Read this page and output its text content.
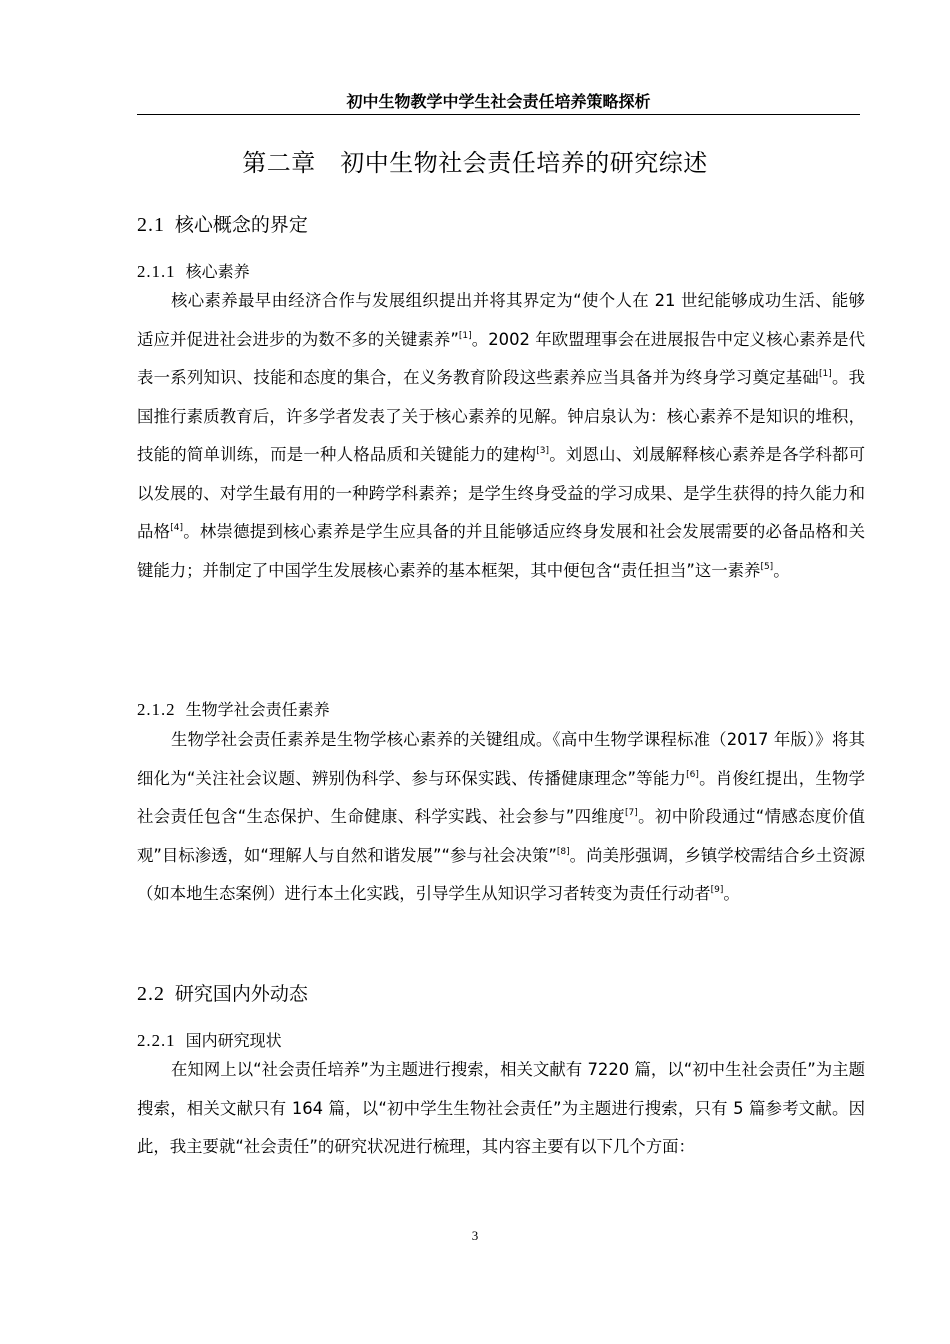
初中生物教学中学生社会责任培养策略探析
第二章　初中生物社会责任培养的研究综述
2.1 核心概念的界定
2.1.1 核心素养

核心素养最早由经济合作与发展组织提出并将其界定为“使个人在 21 世纪能够成功生活、能够适应并促进社会进步的为数不多的关键素养”[1]。2002 年欧盟理事会在进展报告中定义核心素养是代表一系列知识、技能和态度的集合，在义务教育阶段这些素养应当具备并为终身学习奠定基础[1]。我国推行素质教育后，许多学者发表了关于核心素养的见解。钟启泉认为：核心素养不是知识的堆积，技能的简单训练，而是一种人格品质和关键能力的建构[3]。刘恩山、刘晟解释核心素养是各学科都可以发展的、对学生最有用的一种跨学科素养；是学生终身受益的学习成果、是学生获得的持久能力和品格[4]。林崇德提到核心素养是学生应具备的并且能够适应终身发展和社会发展需要的必备品格和关键能力；并制定了中国学生发展核心素养的基本框架，其中便包含“责任担当”这一素养[5]。

2.1.2 生物学社会责任素养

生物学社会责任素养是生物学核心素养的关键组成。《高中生物学课程标准（2017 年版）》将其细化为“关注社会议题、辨别伪科学、参与环保实践、传播健康理念”等能力[6]。肖俊红提出，生物学社会责任包含“生态保护、生命健康、科学实践、社会参与”四维度[7]。初中阶段通过“情感态度价值观”目标渗透，如“理解人与自然和谐发展”“参与社会决策”[8]。尚美彤强调，乡镇学校需结合乡土资源（如本地生态案例）进行本土化实践，引导学生从知识学习者转变为责任行动者[9]。

2.2 研究国内外动态
2.2.1 国内研究现状

在知网上以“社会责任培养”为主题进行搜索，相关文献有 7220 篇，以“初中生社会责任”为主题搜索，相关文献只有 164 篇，以“初中学生生物社会责任”为主题进行搜索，只有 5 篇参考文献。因此，我主要就“社会责任”的研究状况进行梳理，其内容主要有以下几个方面：

3
